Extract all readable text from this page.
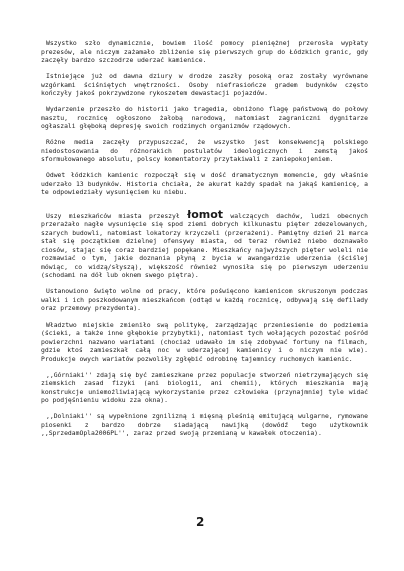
Wszystko szło dynamicznie, bowiem ilość pomocy pieniężnej przerosła wypłaty prezesów, ale niczym zażamało zbliżenie się pierwszych grup do Łódzkich granic, gdy zaczęły bardzo szczodrze uderzać kamienice.

Istniejące już od dawna dziury w drodze zaszły posoką oraz zostały wyrównane wzgórkami ściśniętych wnętrzności. Osoby niefrasiończe gradem budynków często kończyły jakoś pokrzywdzone rykoszetem dewastacji pojazdów.

Wydarzenie przeszło do historii jako tragedia, obniżono flagę państwową do połowy masztu, rocznicę ogłoszono żałobą narodową, natomiast zagraniczni dygnitarze ogłaszali głęboką depresję swoich rodzimych organizmów rządowych.

Różne media zaczęły przypuszczać, że wszystko jest konsekwencją polskiego niedostosowania do różnorakich postulatów ideologicznych i zemstą jakoś sformułowanego absolutu, polscy komentatorzy przytakiwali z zaniepokojeniem.

Odwet łódzkich kamienic rozpoczął się w dość dramatycznym momencie, gdy właśnie uderzało 13 budynków. Historia chciała, że akurat każdy spadał na jakąś kamienicę, a te odpowiedziały wysunięciem ku niebu.

Uszy mieszkańców miasta przeszył łomot walczących dachów, ludzi obecnych przerażało nagłe wysunięcie się spod ziemi dobrych kilkunastu pięter zdezelowanych, szarych budowli, natomiast lokatorzy krzyczeli (przerażeni). Pamiętny dzień 21 marca stał się początkiem dzielnej ofensywy miasta, od teraz również niebo doznawało ciosów, stając się coraz bardziej popękane. Mieszkańcy najwyższych pięter woleli nie rozmawiać o tym, jakie doznania płyną z bycia w awangardzie uderzenia (ściślej mówiąc, co widzą/słyszą), większość również wynosiła się po pierwszym uderzeniu (schodami na dół lub oknem swego piętra).

Ustanowiono święto wolne od pracy, które poświęcono kamienicom skruszonym podczas walki i ich poszkodowanym mieszkańcom (odtąd w każdą rocznicę, odbywają się defilady oraz przemowy prezydenta).

Władztwo miejskie zmieniło swą politykę, zarządzając przeniesienie do podziemia (ścieki, a także inne głębokie przybytki), natomiast tych wołających pozostać pośród powierzchni nazwano wariatami (chociaż udawało im się zdobywać fortuny na filmach, gdzie ktoś zamieszkał całą noc w uderzającej kamienicy i o niczym nie wie). Produkcje owych wariatów pozwoliły zgłębić odrobinę tajemnicy ruchomych kamienic.

,,Górniaki'' zdają się być zamieszkane przez populacje stworzeń nietrzymających się ziemskich zasad fizyki (ani biologii, ani chemii), których mieszkania mają konstrukcje uniemożliwiającą wykorzystanie przez człowieka (przynajmniej tyle widać po podjęśnieniu widoku zza okna).

,,Dolniaki'' są wypełnione zgnilizną i mięsną pleśnią emitującą wulgarne, rymowane piosenki z bardzo dobrze siadającą nawijką (dowódź tego użytkownik ,,SprzedamOpla2006PL'', zaraz przed swoją przemianą w kawałek otoczenia).

2
